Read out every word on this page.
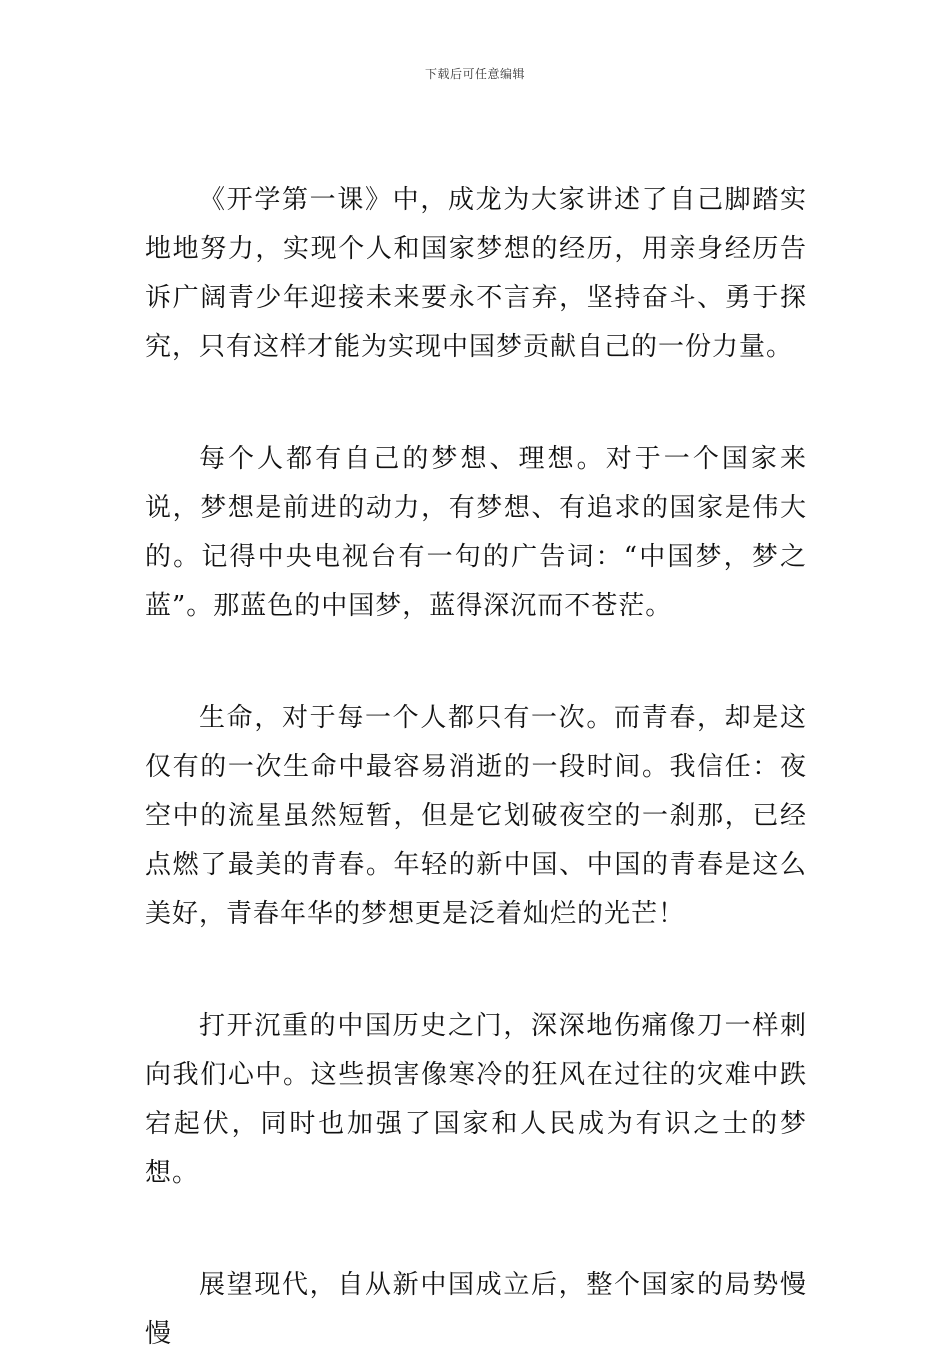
下载后可任意编辑

《开学第一课》中，成龙为大家讲述了自己脚踏实地地努力，实现个人和国家梦想的经历，用亲身经历告诉广阔青少年迎接未来要永不言弃，坚持奋斗、勇于探究，只有这样才能为实现中国梦贡献自己的一份力量。

每个人都有自己的梦想、理想。对于一个国家来说，梦想是前进的动力，有梦想、有追求的国家是伟大的。记得中央电视台有一句的广告词：“中国梦，梦之蓝”。那蓝色的中国梦，蓝得深沉而不苍茫。

生命，对于每一个人都只有一次。而青春，却是这仅有的一次生命中最容易消逝的一段时间。我信任：夜空中的流星虽然短暂，但是它划破夜空的一刹那，已经点燃了最美的青春。年轻的新中国、中国的青春是这么美好，青春年华的梦想更是泛着灿烂的光芒！

打开沉重的中国历史之门，深深地伤痛像刀一样刺向我们心中。这些损害像寒冷的狂风在过往的灾难中跌宕起伏，同时也加强了国家和人民成为有识之士的梦想。

展望现代，自从新中国成立后，整个国家的局势慢慢
